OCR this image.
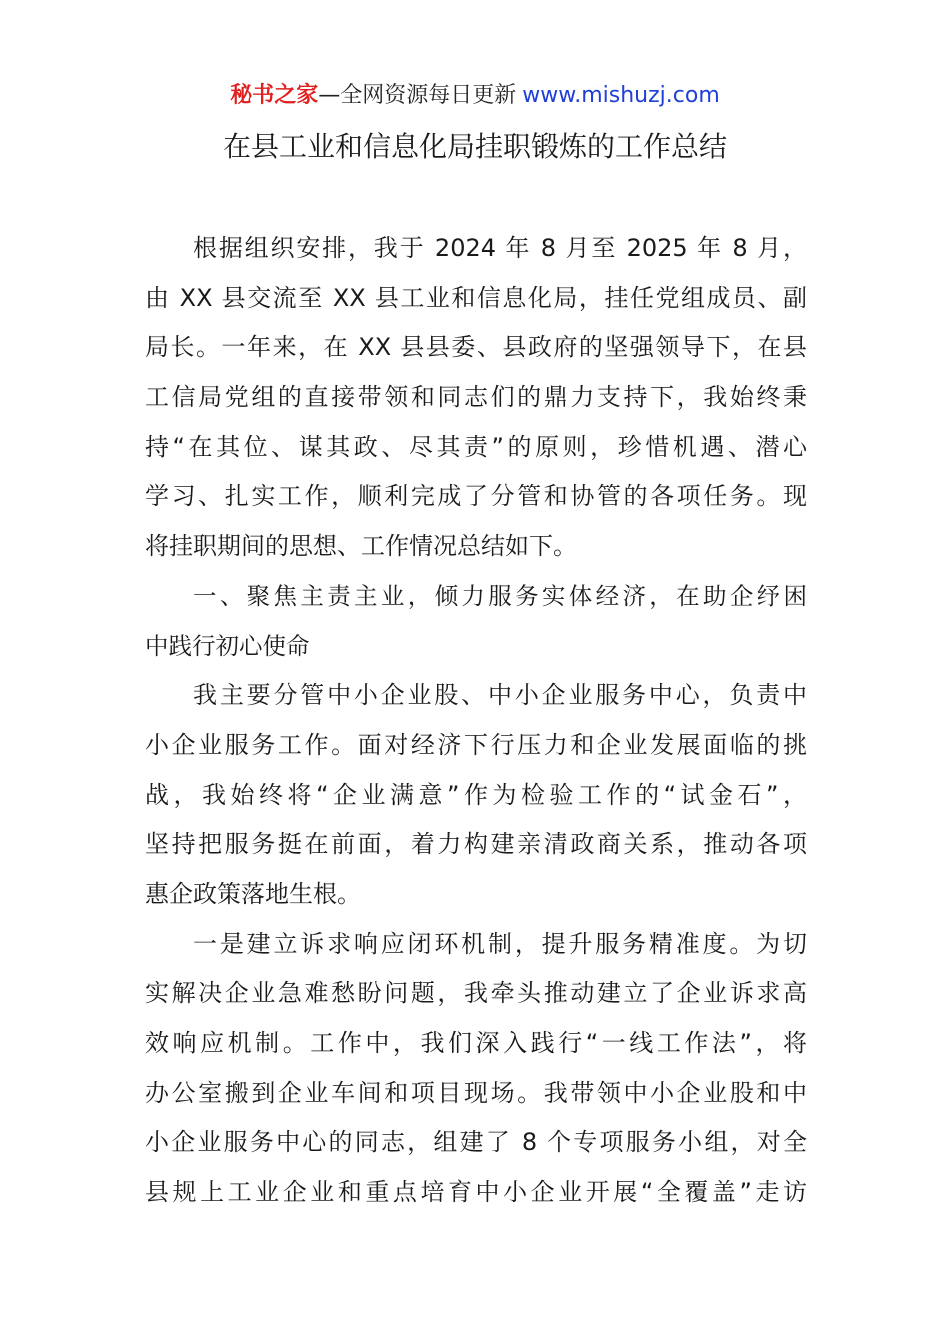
秘书之家—全网资源每日更新 www.mishuzj.com
在县工业和信息化局挂职锻炼的工作总结
根据组织安排，我于 2024 年 8 月至 2025 年 8 月，
由 XX 县交流至 XX 县工业和信息化局，挂任党组成员、副
局长。一年来，在 XX 县县委、县政府的坚强领导下，在县
工信局党组的直接带领和同志们的鼎力支持下，我始终秉
持“在其位、谋其政、尽其责”的原则，珍惜机遇、潜心
学习、扎实工作，顺利完成了分管和协管的各项任务。现
将挂职期间的思想、工作情况总结如下。
一、聚焦主责主业，倾力服务实体经济，在助企纾困
中践行初心使命
我主要分管中小企业股、中小企业服务中心，负责中
小企业服务工作。面对经济下行压力和企业发展面临的挑
战，我始终将“企业满意”作为检验工作的“试金石”，
坚持把服务挺在前面，着力构建亲清政商关系，推动各项
惠企政策落地生根。
一是建立诉求响应闭环机制，提升服务精准度。为切
实解决企业急难愁盼问题，我牵头推动建立了企业诉求高
效响应机制。工作中，我们深入践行“一线工作法”，将
办公室搬到企业车间和项目现场。我带领中小企业股和中
小企业服务中心的同志，组建了 8 个专项服务小组，对全
县规上工业企业和重点培育中小企业开展“全覆盖”走访
